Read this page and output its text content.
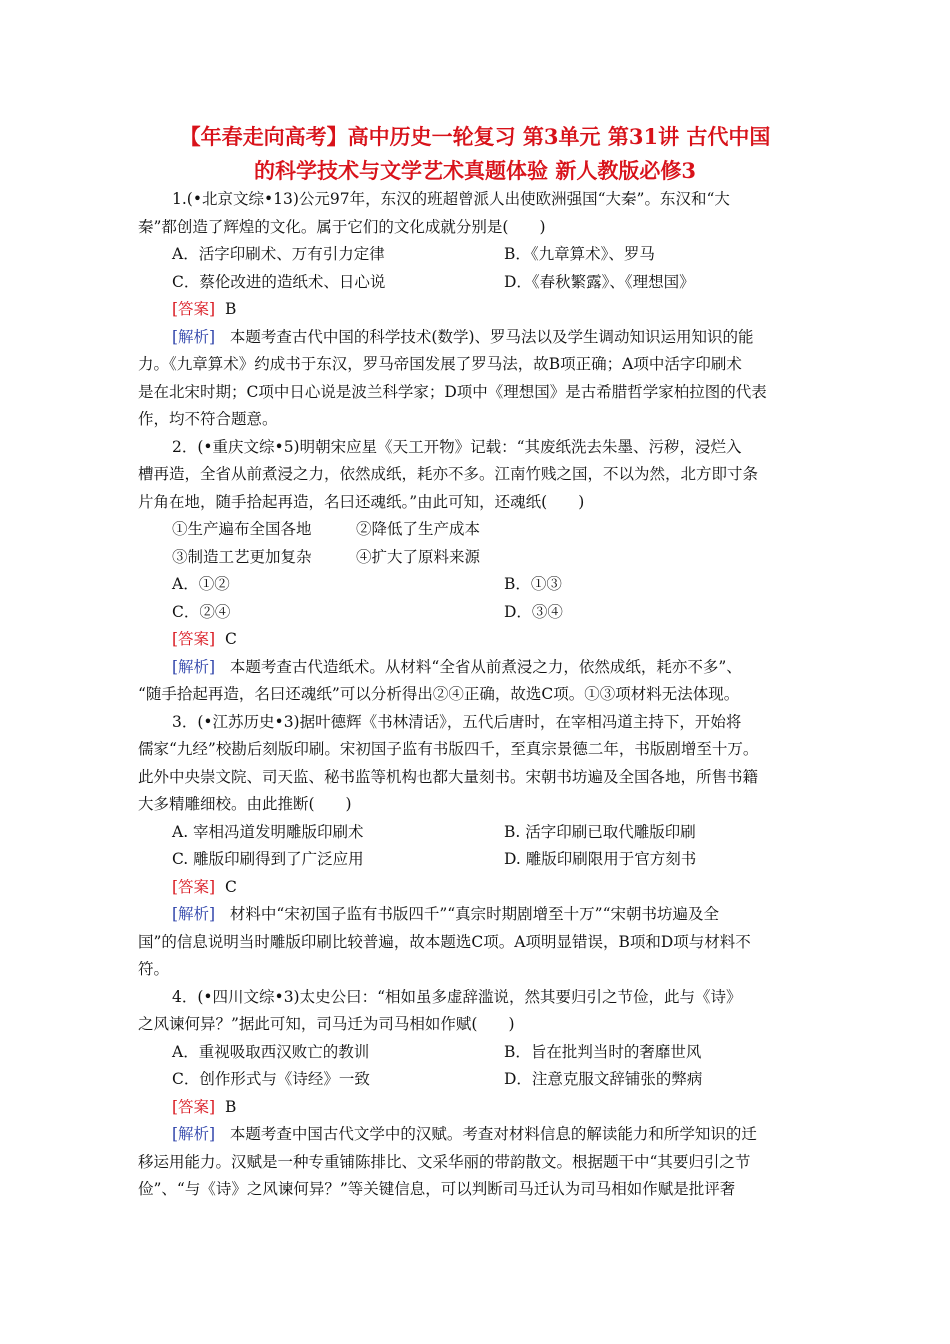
【年春走向高考】高中历史一轮复习 第3单元 第31讲 古代中国
的科学技术与文学艺术真题体验 新人教版必修3
1.(•北京文综•13)公元97年，东汉的班超曾派人出使欧洲强国“大秦”。东汉和“大
秦”都创造了辉煌的文化。属于它们的文化成就分别是(　　)
A．活字印刷术、万有引力定律	B．《九章算术》、罗马
C．蔡伦改进的造纸术、日心说	D．《春秋繁露》、《理想国》
[答案] B
[解析] 本题考查古代中国的科学技术(数学)、罗马法以及学生调动知识运用知识的能
力。《九章算术》约成书于东汉，罗马帝国发展了罗马法，故B项正确；A项中活字印刷术
是在北宋时期；C项中日心说是波兰科学家；D项中《理想国》是古希腊哲学家柏拉图的代表
作，均不符合题意。
2．(•重庆文综•5)明朝宋应星《天工开物》记载：“其废纸洗去朱墨、污秽，浸烂入
槽再造，全省从前煮浸之力，依然成纸，耗亦不多。江南竹贱之国，不以为然，北方即寸条
片角在地，随手拾起再造，名曰还魂纸。”由此可知，还魂纸(　　)
①生产遍布全国各地	②降低了生产成本
③制造工艺更加复杂	④扩大了原料来源
A．①②	B．①③
C．②④	D．③④
[答案] C
[解析] 本题考查古代造纸术。从材料“全省从前煮浸之力，依然成纸，耗亦不多”、
“随手拾起再造，名曰还魂纸”可以分析得出②④正确，故选C项。①③项材料无法体现。
3．(•江苏历史•3)据叶德辉《书林清话》，五代后唐时，在宰相冯道主持下，开始将
儒家“九经”校勘后刻版印刷。宋初国子监有书版四千，至真宗景德二年，书版剧增至十万。
此外中央崇文院、司天监、秘书监等机构也都大量刻书。宋朝书坊遍及全国各地，所售书籍
大多精雕细校。由此推断(　　)
A. 宰相冯道发明雕版印刷术	B. 活字印刷已取代雕版印刷
C. 雕版印刷得到了广泛应用	D. 雕版印刷限用于官方刻书
[答案] C
[解析] 材料中“宋初国子监有书版四千”“真宗时期剧增至十万”“宋朝书坊遍及全
国”的信息说明当时雕版印刷比较普遍，故本题选C项。A项明显错误，B项和D项与材料不
符。
4．(•四川文综•3)太史公曰：“相如虽多虚辞滥说，然其要归引之节俭，此与《诗》
之风谏何异？”据此可知，司马迁为司马相如作赋(　　)
A．重视吸取西汉败亡的教训	B．旨在批判当时的奢靡世风
C．创作形式与《诗经》一致	D．注意克服文辞铺张的弊病
[答案] B
[解析] 本题考查中国古代文学中的汉赋。考查对材料信息的解读能力和所学知识的迁
移运用能力。汉赋是一种专重铺陈排比、文采华丽的带韵散文。根据题干中“其要归引之节
俭”、“与《诗》之风谏何异？”等关键信息，可以判断司马迁认为司马相如作赋是批评奢
